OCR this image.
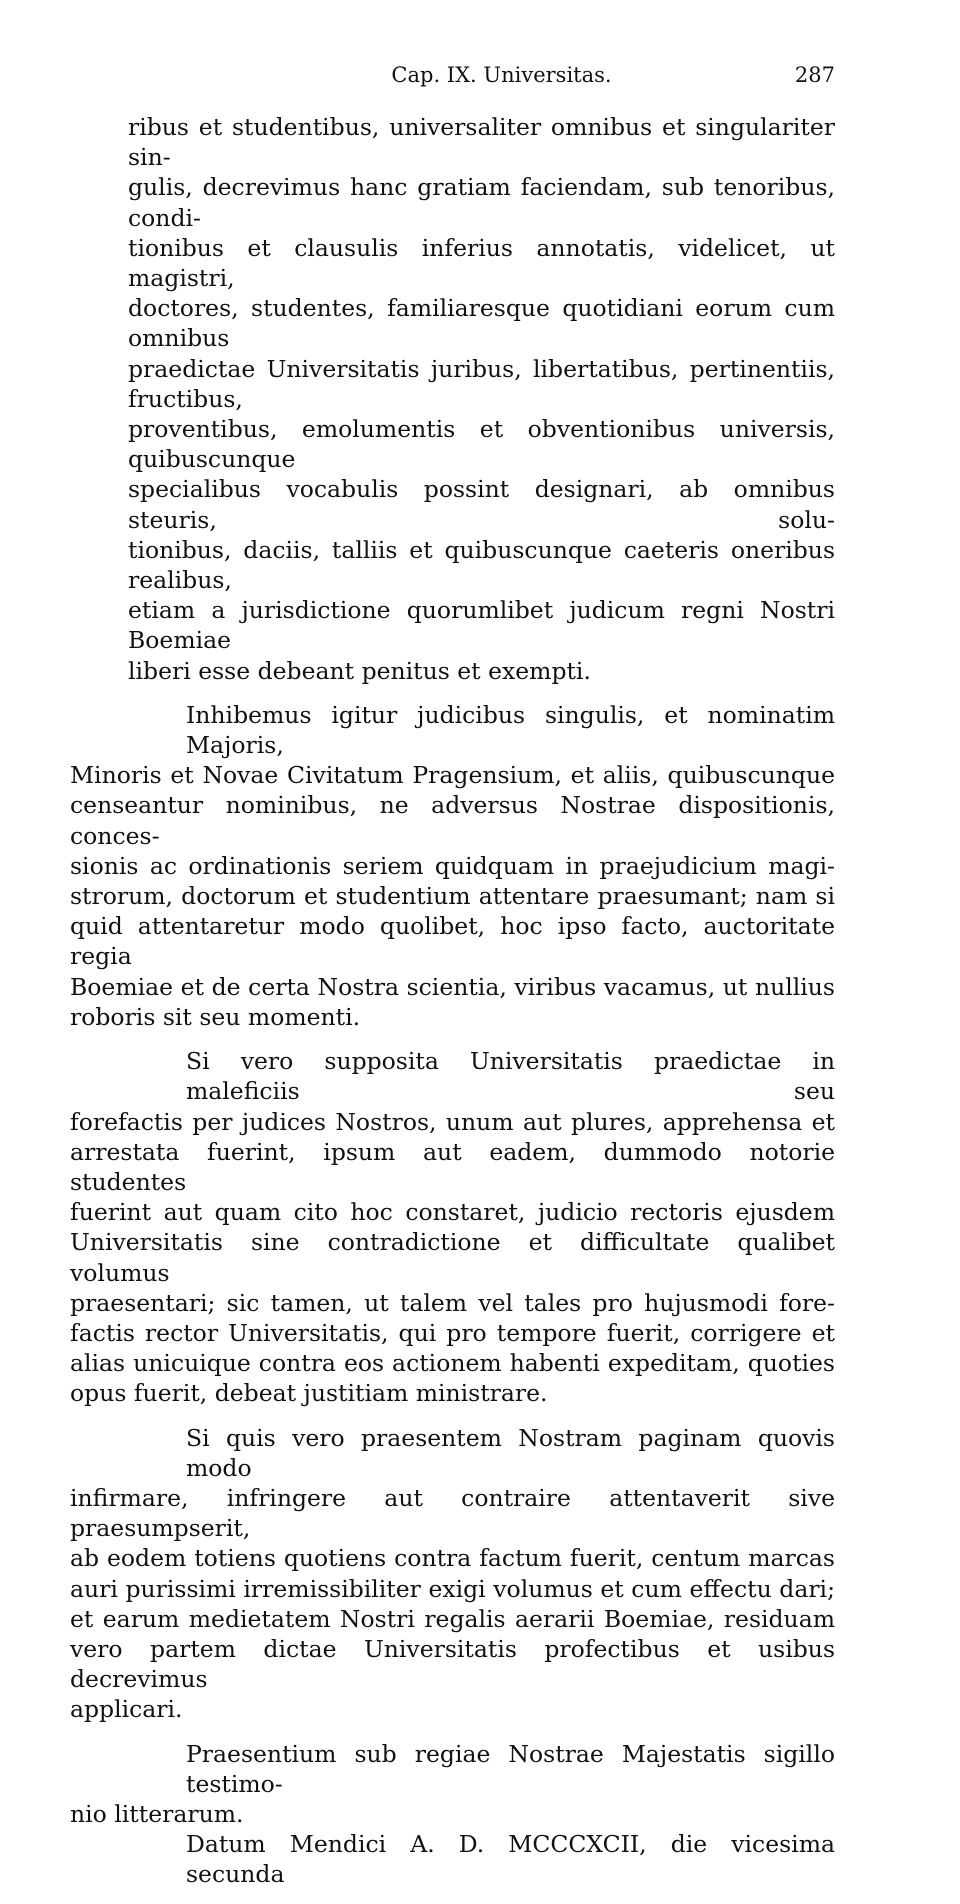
Cap. IX. Universitas.	287

ribus et studentibus, universaliter omnibus et singulariter sin-
gulis, decrevimus hanc gratiam faciendam, sub tenoribus, condi-
tionibus et clausulis inferius annotatis, videlicet, ut magistri,
doctores, studentes, familiaresque quotidiani eorum cum omnibus
praedictae Universitatis juribus, libertatibus, pertinentiis, fructibus,
proventibus, emolumentis et obventionibus universis, quibuscunque
specialibus vocabulis possint designari, ab omnibus steuris, solu-
tionibus, daciis, talliis et quibuscunque caeteris oneribus realibus,
etiam a jurisdictione quorumlibet judicum regni Nostri Boemiae
liberi esse debeant penitus et exempti.

Inhibemus igitur judicibus singulis, et nominatim Majoris,
Minoris et Novae Civitatum Pragensium, et aliis, quibuscunque
censeantur nominibus, ne adversus Nostrae dispositionis, conces-
sionis ac ordinationis seriem quidquam in praejudicium magi-
strorum, doctorum et studentium attentare praesumant; nam si
quid attentaretur modo quolibet, hoc ipso facto, auctoritate regia
Boemiae et de certa Nostra scientia, viribus vacamus, ut nullius
roboris sit seu momenti.

Si vero supposita Universitatis praedictae in maleficiis seu
forefactis per judices Nostros, unum aut plures, apprehensa et
arrestata fuerint, ipsum aut eadem, dummodo notorie studentes
fuerint aut quam cito hoc constaret, judicio rectoris ejusdem
Universitatis sine contradictione et difficultate qualibet volumus
praesentari; sic tamen, ut talem vel tales pro hujusmodi fore-
factis rector Universitatis, qui pro tempore fuerit, corrigere et
alias unicuique contra eos actionem habenti expeditam, quoties
opus fuerit, debeat justitiam ministrare.

Si quis vero praesentem Nostram paginam quovis modo
infirmare, infringere aut contraire attentaverit sive praesumpserit,
ab eodem totiens quotiens contra factum fuerit, centum marcas
auri purissimi irremissibiliter exigi volumus et cum effectu dari;
et earum medietatem Nostri regalis aerarii Boemiae, residuam
vero partem dictae Universitatis profectibus et usibus decrevimus
applicari.

Praesentium sub regiae Nostrae Majestatis sigillo testimo-
nio litterarum.

Datum Mendici A. D. MCCCXCII, die vicesima secunda
